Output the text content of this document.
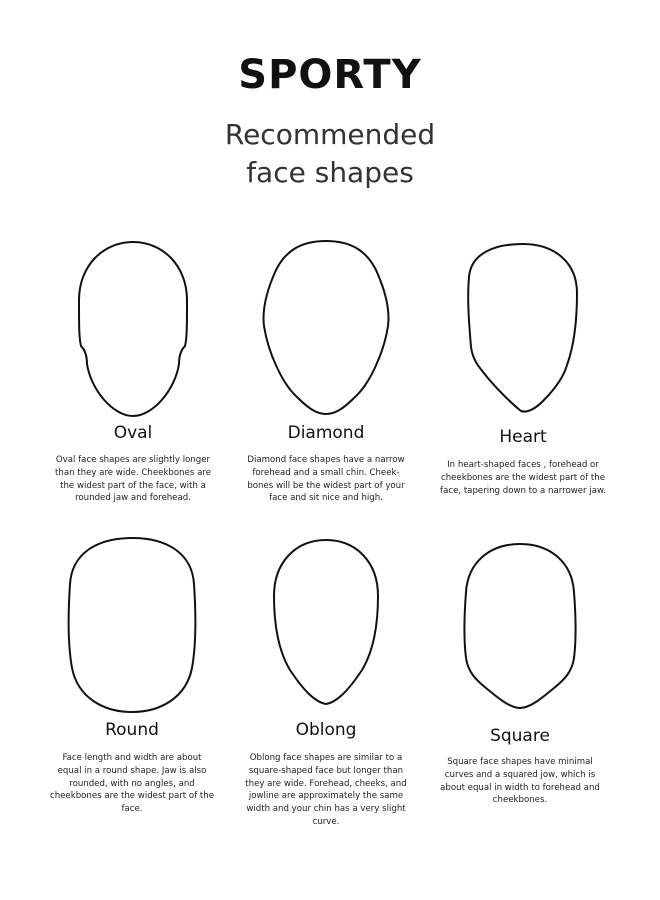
SPORTY
Recommended
face shapes
Oval
Oval face shapes are slightly longer
than they are wide. Cheekbones are
the widest part of the face, with a
rounded jaw and forehead.
Diamond
Diamond face shapes have a narrow
forehead and a small chin. Cheek-
bones will be the widest part of your
face and sit nice and high.
Heart
In heart-shaped faces , forehead or
cheekbones are the widest part of the
face, tapering down to a narrower jaw.
Round
Face length and width are about
equal in a round shape. Jaw is also
rounded, with no angles, and
cheekbones are the widest part of the
face.
Oblong
Oblong face shapes are similar to a
square-shaped face but longer than
they are wide. Forehead, cheeks, and
jowline are approximately the same
width and your chin has a very slight
curve.
Square
Square face shapes have minimal
curves and a squared jow, which is
about equal in width to forehead and
cheekbones.
